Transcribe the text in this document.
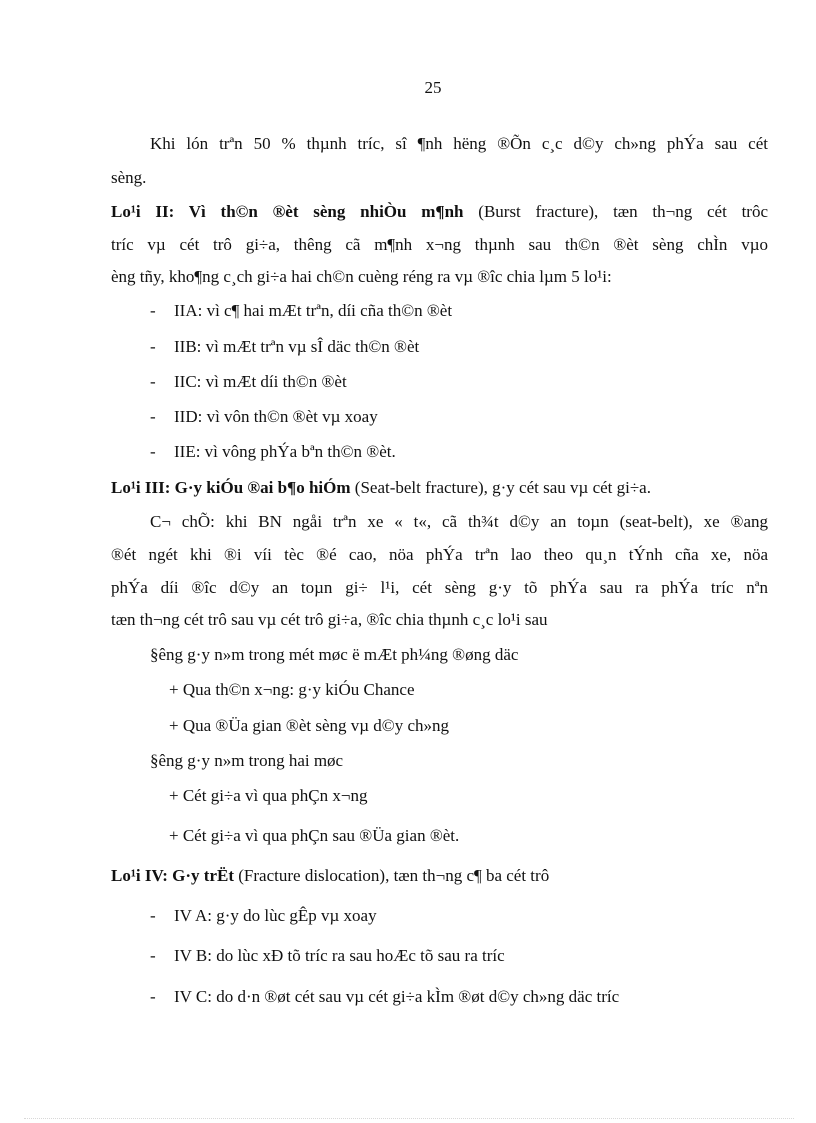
25
Khi lón trªn 50 % thµnh tríc, sî ¶nh hëng ®Õn c¸c d©y ch»ng phÝa sau cét
sèng.
Lo¹i II: Vì th©n ®èt sèng nhiÒu m¶nh (Burst fracture), tæn th¬ng cét trôc
tríc vµ cét trô gi÷a, thêng cã m¶nh x¬ng thµnh sau th©n ®èt sèng chÌn vµo
èng tñy, kho¶ng c¸ch gi÷a hai ch©n cuèng réng ra vµ ®îc chia lµm 5 lo¹i:
- IIA: vì c¶ hai mÆt trªn, díi cña th©n ®èt
- IIB: vì mÆt trªn vµ sÎ däc th©n ®èt
- IIC: vì mÆt díi th©n ®èt
- IID: vì vôn th©n ®èt vµ xoay
- IIE: vì vông phÝa bªn th©n ®èt.
Lo¹i III: G·y kiÓu ®ai b¶o hiÓm (Seat-belt fracture), g·y cét sau vµ cét gi÷a.
C¬ chÕ: khi BN ngåi trªn xe « t«, cã th¾t d©y an toµn (seat-belt), xe ®ang
®ét ngét khi ®i víi tèc ®é cao, nöa phÝa trªn lao theo qu¸n tÝnh cña xe, nöa
phÝa díi ®îc d©y an toµn gi÷ l¹i, cét sèng g·y tõ phÝa sau ra phÝa tríc nªn
tæn th¬ng cét trô sau vµ cét trô gi÷a, ®îc chia thµnh c¸c lo¹i sau
§êng g·y n»m trong mét møc ë mÆt ph¼ng ®øng däc
+ Qua th©n x¬ng: g·y kiÓu Chance
+ Qua ®Üa gian ®èt sèng vµ d©y ch»ng
§êng g·y n»m trong hai møc
+ Cét gi÷a vì qua phÇn x¬ng
+ Cét gi÷a vì qua phÇn sau ®Üa gian ®èt.
Lo¹i IV: G·y trËt (Fracture dislocation), tæn th¬ng c¶ ba cét trô
- IV A: g·y do lùc gÊp vµ xoay
- IV B: do lùc xÐ tõ tríc ra sau hoÆc tõ sau ra tríc
- IV C: do d·n ®øt cét sau vµ cét gi÷a kÌm ®øt d©y ch»ng däc tríc
